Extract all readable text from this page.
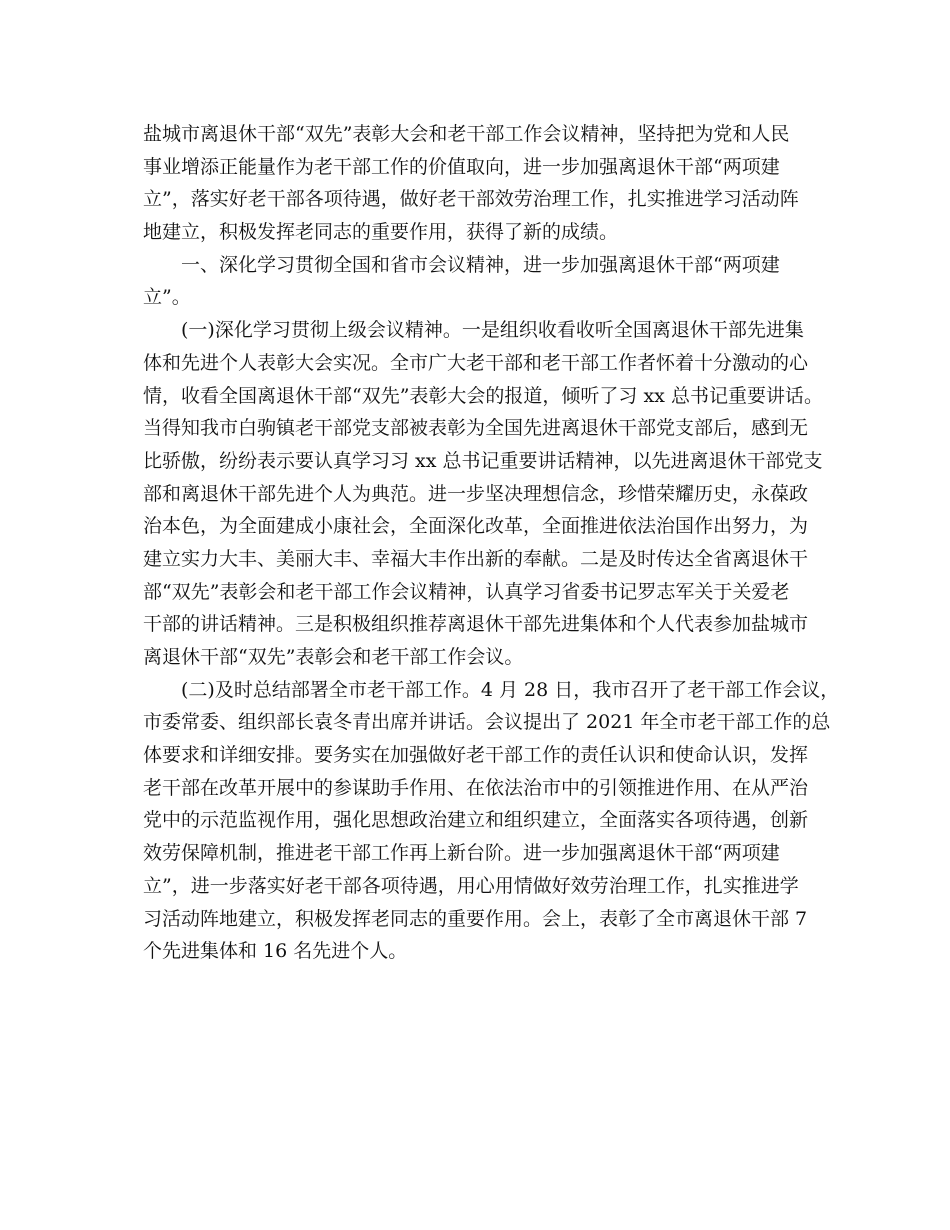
盐城市离退休干部“双先”表彰大会和老干部工作会议精神，坚持把为党和人民
事业增添正能量作为老干部工作的价值取向，进一步加强离退休干部“两项建
立”，落实好老干部各项待遇，做好老干部效劳治理工作，扎实推进学习活动阵
地建立，积极发挥老同志的重要作用，获得了新的成绩。
一、深化学习贯彻全国和省市会议精神，进一步加强离退休干部“两项建
立”。
(一)深化学习贯彻上级会议精神。一是组织收看收听全国离退休干部先进集
体和先进个人表彰大会实况。全市广大老干部和老干部工作者怀着十分激动的心
情，收看全国离退休干部“双先”表彰大会的报道，倾听了习 xx 总书记重要讲话。
当得知我市白驹镇老干部党支部被表彰为全国先进离退休干部党支部后，感到无
比骄傲，纷纷表示要认真学习习 xx 总书记重要讲话精神，以先进离退休干部党支
部和离退休干部先进个人为典范。进一步坚决理想信念，珍惜荣耀历史，永葆政
治本色，为全面建成小康社会，全面深化改革，全面推进依法治国作出努力，为
建立实力大丰、美丽大丰、幸福大丰作出新的奉献。二是及时传达全省离退休干
部“双先”表彰会和老干部工作会议精神，认真学习省委书记罗志军关于关爱老
干部的讲话精神。三是积极组织推荐离退休干部先进集体和个人代表参加盐城市
离退休干部“双先”表彰会和老干部工作会议。
(二)及时总结部署全市老干部工作。4 月 28 日，我市召开了老干部工作会议，
市委常委、组织部长袁冬青出席并讲话。会议提出了 2021 年全市老干部工作的总
体要求和详细安排。要务实在加强做好老干部工作的责任认识和使命认识，发挥
老干部在改革开展中的参谋助手作用、在依法治市中的引领推进作用、在从严治
党中的示范监视作用，强化思想政治建立和组织建立，全面落实各项待遇，创新
效劳保障机制，推进老干部工作再上新台阶。进一步加强离退休干部“两项建
立”，进一步落实好老干部各项待遇，用心用情做好效劳治理工作，扎实推进学
习活动阵地建立，积极发挥老同志的重要作用。会上，表彰了全市离退休干部 7
个先进集体和 16 名先进个人。
